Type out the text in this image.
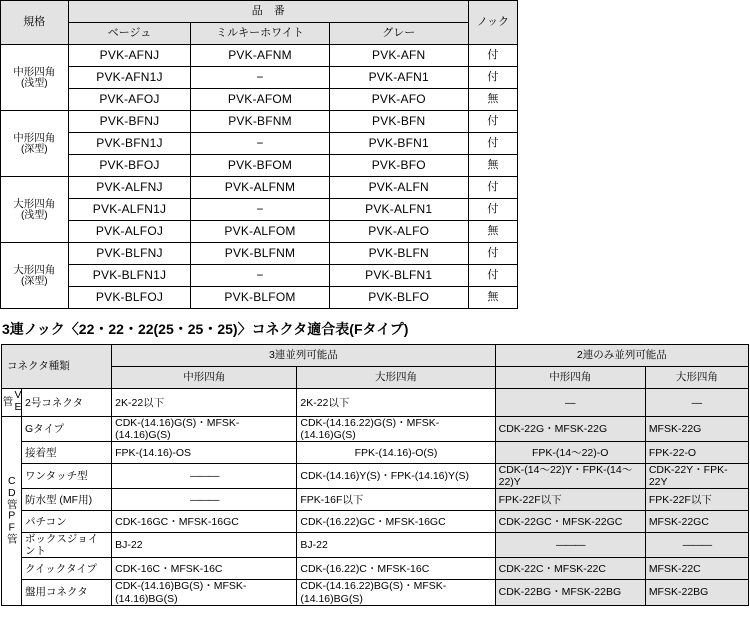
規格	品　番			ノック
	ベージュ	ミルキーホワイト	グレー	
中形四角
(浅型)	PVK-AFNJ	PVK-AFNM	PVK-AFN	付
	PVK-AFN1J	−	PVK-AFN1	付
	PVK-AFOJ	PVK-AFOM	PVK-AFO	無
中形四角
(深型)	PVK-BFNJ	PVK-BFNM	PVK-BFN	付
	PVK-BFN1J	−	PVK-BFN1	付
	PVK-BFOJ	PVK-BFOM	PVK-BFO	無
大形四角
(浅型)	PVK-ALFNJ	PVK-ALFNM	PVK-ALFN	付
	PVK-ALFN1J	−	PVK-ALFN1	付
	PVK-ALFOJ	PVK-ALFOM	PVK-ALFO	無
大形四角
(深型)	PVK-BLFNJ	PVK-BLFNM	PVK-BLFN	付
	PVK-BLFN1J	−	PVK-BLFN1	付
	PVK-BLFOJ	PVK-BLFOM	PVK-BLFO	無
3連ノック〈22・22・22(25・25・25)〉コネクタ適合表(Fタイプ)
コネクタ種類		3連並列可能品		2連のみ並列可能品	
		中形四角	大形四角	中形四角	大形四角
VE管	2号コネクタ	2K-22以下	2K-22以下	—	—
CD管PF管	Gタイプ	CDK-(14.16)G(S)・MFSK-(14.16)G(S)	CDK-(14.16.22)G(S)・MFSK-(14.16)G(S)	CDK-22G・MFSK-22G	MFSK-22G
	接着型	FPK-(14.16)-OS	FPK-(14.16)-O(S)	FPK-(14〜22)-O	FPK-22-O
	ワンタッチ型	———	CDK-(14.16)Y(S)・FPK-(14.16)Y(S)	CDK-(14〜22)Y・FPK-(14〜22)Y	CDK-22Y・FPK-22Y
	防水型 (MF用)	———	FPK-16F以下	FPK-22F以下	FPK-22F以下
	パチコン	CDK-16GC・MFSK-16GC	CDK-(16.22)GC・MFSK-16GC	CDK-22GC・MFSK-22GC	MFSK-22GC
	ボックスジョイント	BJ-22	BJ-22	———	———
	クイックタイプ	CDK-16C・MFSK-16C	CDK-(16.22)C・MFSK-16C	CDK-22C・MFSK-22C	MFSK-22C
	盤用コネクタ	CDK-(14.16)BG(S)・MFSK-(14.16)BG(S)	CDK-(14.16.22)BG(S)・MFSK-(14.16)BG(S)	CDK-22BG・MFSK-22BG	MFSK-22BG
